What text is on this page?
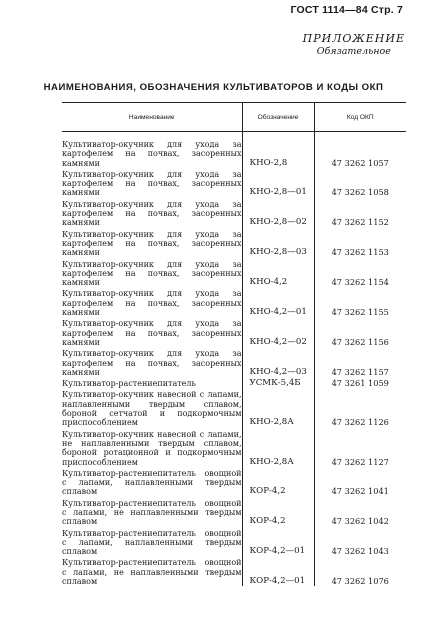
ГОСТ 1114—84 Стр. 7
ПРИЛОЖЕНИЕ
Обязательное
НАИМЕНОВАНИЯ, ОБОЗНАЧЕНИЯ КУЛЬТИВАТОРОВ И КОДЫ ОКП
Наименование	Обозначение	Код ОКП
Культиватор-окучник для ухода за картофелем на почвах, засоренных камнями	КНО-2,8	47 3262 1057
Культиватор-окучник для ухода за картофелем на почвах, засоренных камнями	КНО-2,8—01	47 3262 1058
Культиватор-окучник для ухода за картофелем на почвах, засоренных камнями	КНО-2,8—02	47 3262 1152
Культиватор-окучник для ухода за картофелем на почвах, засоренных камнями	КНО-2,8—03	47 3262 1153
Культиватор-окучник для ухода за картофелем на почвах, засоренных камнями	КНО-4,2	47 3262 1154
Культиватор-окучник для ухода за картофелем на почвах, засоренных камнями	КНО-4,2—01	47 3262 1155
Культиватор-окучник для ухода за картофелем на почвах, засоренных камнями	КНО-4,2—02	47 3262 1156
Культиватор-окучник для ухода за картофелем на почвах, засоренных камнями	КНО-4,2—03	47 3262 1157
Культиватор-растениепитатель	УСМК-5,4Б	47 3261 1059
Культиватор-окучник навесной с лапами, наплавленными твердым сплавом, бороной сетчатой и подкормочным приспособлением	КНО-2,8А	47 3262 1126
Культиватор-окучник навесной с лапами, не наплавленными твердым сплавом, бороной ротационной и подкормочным приспособлением	КНО-2,8А	47 3262 1127
Культиватор-растениепитатель овощной с лапами, наплавленными твердым сплавом	КОР-4,2	47 3262 1041
Культиватор-растениепитатель овощной с лапами, не наплавленными твердым сплавом	КОР-4,2	47 3262 1042
Культиватор-растениепитатель овощной с лапами, наплавленными твердым сплавом	КОР-4,2—01	47 3262 1043
Культиватор-растениепитатель овощной с лапами, не наплавленными твердым сплавом	КОР-4,2—01	47 3262 1076
